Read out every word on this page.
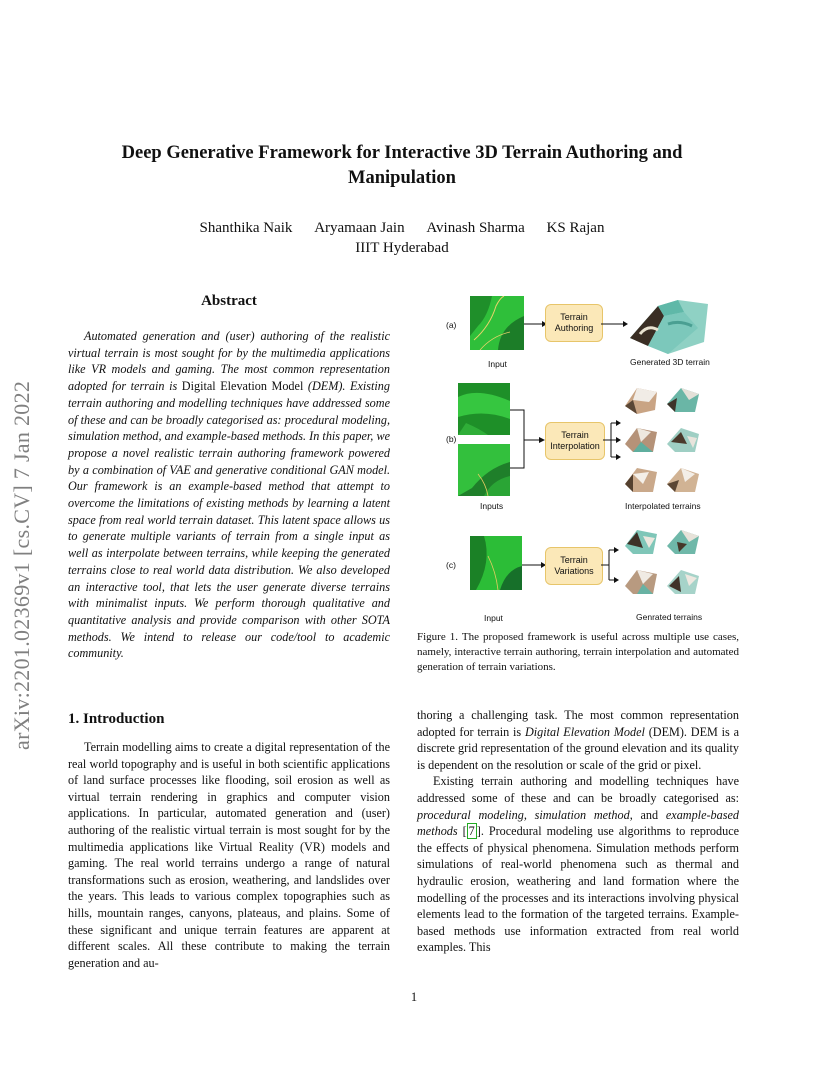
arXiv:2201.02369v1 [cs.CV] 7 Jan 2022
Deep Generative Framework for Interactive 3D Terrain Authoring and Manipulation
Shanthika Naik Aryamaan Jain Avinash Sharma KS Rajan
IIIT Hyderabad
Abstract
Automated generation and (user) authoring of the realistic virtual terrain is most sought for by the multimedia applications like VR models and gaming. The most common representation adopted for terrain is Digital Elevation Model (DEM). Existing terrain authoring and modelling techniques have addressed some of these and can be broadly categorised as: procedural modeling, simulation method, and example-based methods. In this paper, we propose a novel realistic terrain authoring framework powered by a combination of VAE and generative conditional GAN model. Our framework is an example-based method that attempt to overcome the limitations of existing methods by learning a latent space from real world terrain dataset. This latent space allows us to generate multiple variants of terrain from a single input as well as interpolate between terrains, while keeping the generated terrains close to real world data distribution. We also developed an interactive tool, that lets the user generate diverse terrains with minimalist inputs. We perform thorough qualitative and quantitative analysis and provide comparison with other SOTA methods. We intend to release our code/tool to academic community.
(a)
Input
Terrain Authoring
Generated 3D terrain
(b)
Inputs
Terrain Interpolation
Interpolated terrains
(c)
Input
Terrain Variations
Genrated terrains
Figure 1. The proposed framework is useful across multiple use cases, namely, interactive terrain authoring, terrain interpolation and automated generation of terrain variations.
1. Introduction

Terrain modelling aims to create a digital representation of the real world topography and is useful in both scientific applications of land surface processes like flooding, soil erosion as well as virtual terrain rendering in graphics and computer vision applications. In particular, automated generation and (user) authoring of the realistic virtual terrain is most sought for by the multimedia applications like Virtual Reality (VR) models and gaming. The real world terrains undergo a range of natural transformations such as erosion, weathering, and landslides over the years. This leads to various complex topographies such as hills, mountain ranges, canyons, plateaus, and plains. Some of these significant and unique terrain features are apparent at different scales. All these contribute to making the terrain generation and au-

thoring a challenging task. The most common representation adopted for terrain is Digital Elevation Model (DEM). DEM is a discrete grid representation of the ground elevation and its quality is dependent on the resolution or scale of the grid or pixel.

Existing terrain authoring and modelling techniques have addressed some of these and can be broadly categorised as: procedural modeling, simulation method, and example-based methods [ 7 ]. Procedural modeling use algorithms to reproduce the effects of physical phenomena. Simulation methods perform simulations of real-world phenomena such as thermal and hydraulic erosion, weathering and land formation where the modelling of the processes and its interactions involving physical elements lead to the formation of the targeted terrains. Example-based methods use information extracted from real world examples. This

1
